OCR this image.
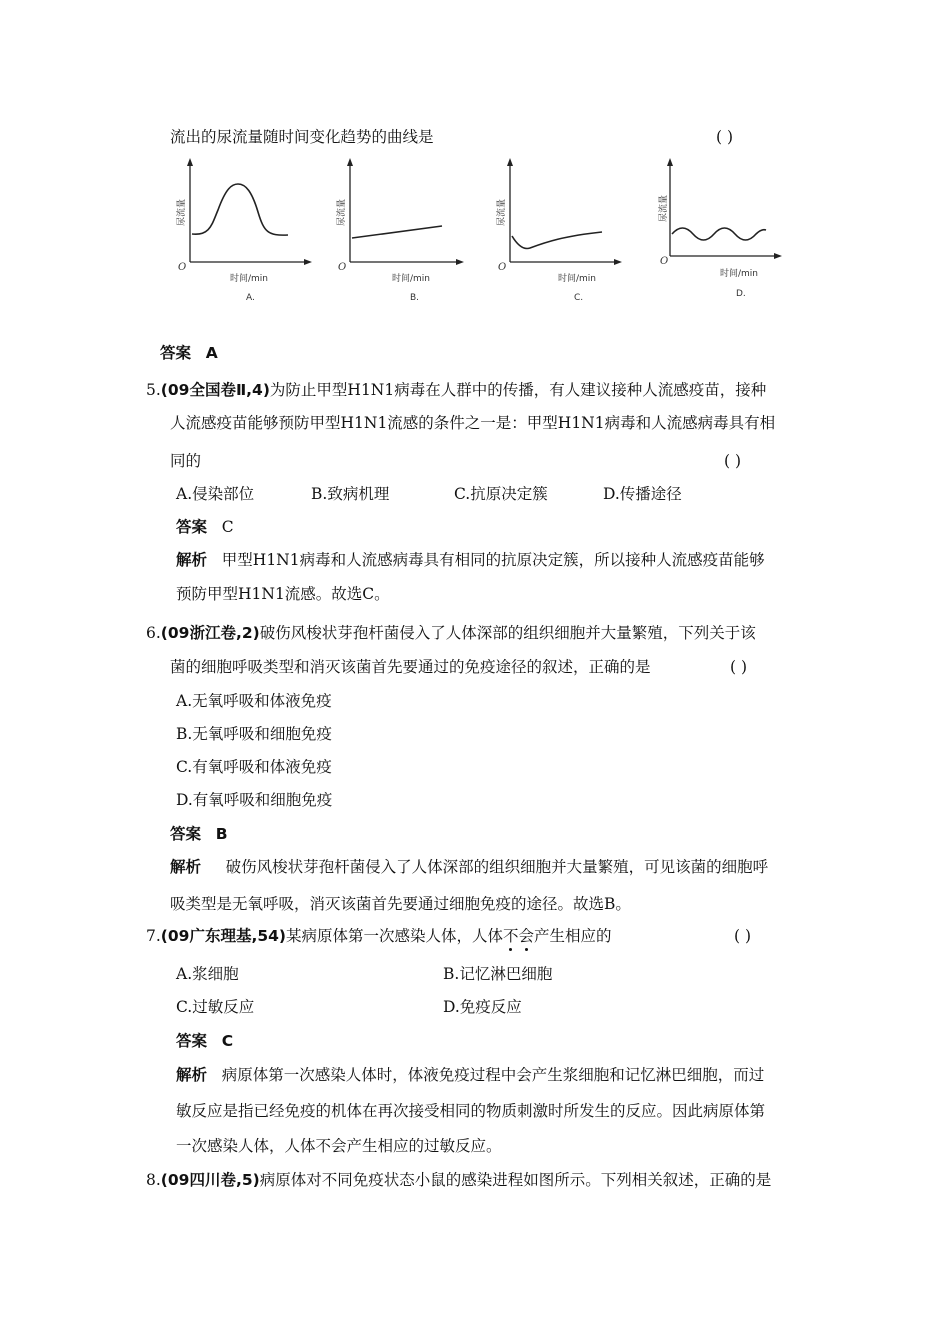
流出的尿流量随时间变化趋势的曲线是	( )
尿流量
O
时间/min
A.
尿流量
O
时间/min
B.
尿流量
O
时间/min
C.
尿流量
O
时间/min
D.
答案 A
5.(09全国卷Ⅱ,4)为防止甲型H1N1病毒在人群中的传播，有人建议接种人流感疫苗，接种
人流感疫苗能够预防甲型H1N1流感的条件之一是：甲型H1N1病毒和人流感病毒具有相
同的	( )
A.侵染部位	B.致病机理	C.抗原决定簇	D.传播途径
答案 C
解析 甲型H1N1病毒和人流感病毒具有相同的抗原决定簇，所以接种人流感疫苗能够
预防甲型H1N1流感。故选C。
6.(09浙江卷,2)破伤风梭状芽孢杆菌侵入了人体深部的组织细胞并大量繁殖，下列关于该
菌的细胞呼吸类型和消灭该菌首先要通过的免疫途径的叙述，正确的是	( )
A.无氧呼吸和体液免疫
B.无氧呼吸和细胞免疫
C.有氧呼吸和体液免疫
D.有氧呼吸和细胞免疫
答案 B
解析 破伤风梭状芽孢杆菌侵入了人体深部的组织细胞并大量繁殖，可见该菌的细胞呼
吸类型是无氧呼吸，消灭该菌首先要通过细胞免疫的途径。故选B。
7.(09广东理基,54)某病原体第一次感染人体，人体不会产生相应的	( )
A.浆细胞	B.记忆淋巴细胞
C.过敏反应	D.免疫反应
答案 C
解析 病原体第一次感染人体时，体液免疫过程中会产生浆细胞和记忆淋巴细胞，而过
敏反应是指已经免疫的机体在再次接受相同的物质刺激时所发生的反应。因此病原体第
一次感染人体，人体不会产生相应的过敏反应。
8.(09四川卷,5)病原体对不同免疫状态小鼠的感染进程如图所示。下列相关叙述，正确的是
